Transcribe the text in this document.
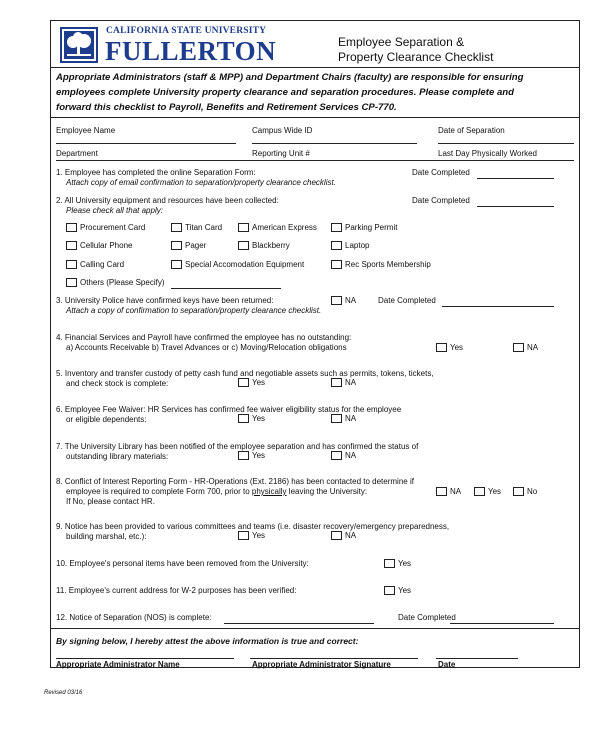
CALIFORNIA STATE UNIVERSITY
FULLERTON	Employee Separation &
Property Clearance Checklist
Appropriate Administrators (staff & MPP) and Department Chairs (faculty) are responsible for ensuring
employees complete University property clearance and separation procedures. Please complete and
forward this checklist to Payroll, Benefits and Retirement Services CP-770.
Employee Name	Campus Wide ID	Date of Separation
Department	Reporting Unit #	Last Day Physically Worked
1. Employee has completed the online Separation Form:
Attach copy of email confirmation to separation/property clearance checklist.
Date Completed
2. All University equipment and resources have been collected:
Please check all that apply:
Date Completed
Procurement Card	Titan Card	American Express	Parking Permit
Cellular Phone	Pager	Blackberry	Laptop
Calling Card	Special Accomodation Equipment	Rec Sports Membership
Others (Please Specify)
3. University Police have confirmed keys have been returned:
Attach a copy of confirmation to separation/property clearance checklist.
NA	Date Completed
4. Financial Services and Payroll have confirmed the employee has no outstanding:
a) Accounts Receivable b) Travel Advances or c) Moving/Relocation obligations	Yes	NA
5. Inventory and transfer custody of petty cash fund and negotiable assets such as permits, tokens, tickets,
and check stock is complete:	Yes	NA
6. Employee Fee Waiver: HR Services has confirmed fee waiver eligibility status for the employee
or eligible dependents:	Yes	NA
7. The University Library has been notified of the employee separation and has confirmed the status of
outstanding library materials:	Yes	NA
8. Conflict of Interest Reporting Form - HR-Operations (Ext. 2186) has been contacted to determine if
employee is required to complete Form 700, prior to physically leaving the University:
If No, please contact HR.
NA	Yes	No
9. Notice has been provided to various committees and teams (i.e. disaster recovery/emergency preparedness,
building marshal, etc.):	Yes	NA
10. Employee's personal items have been removed from the University:	Yes
11. Employee's current address for W-2 purposes has been verified:	Yes
12. Notice of Separation (NOS) is complete:	Date Completed
By signing below, I hereby attest the above information is true and correct:
Appropriate Administrator Name	Appropriate Administrator Signature	Date
Revised 03/16
